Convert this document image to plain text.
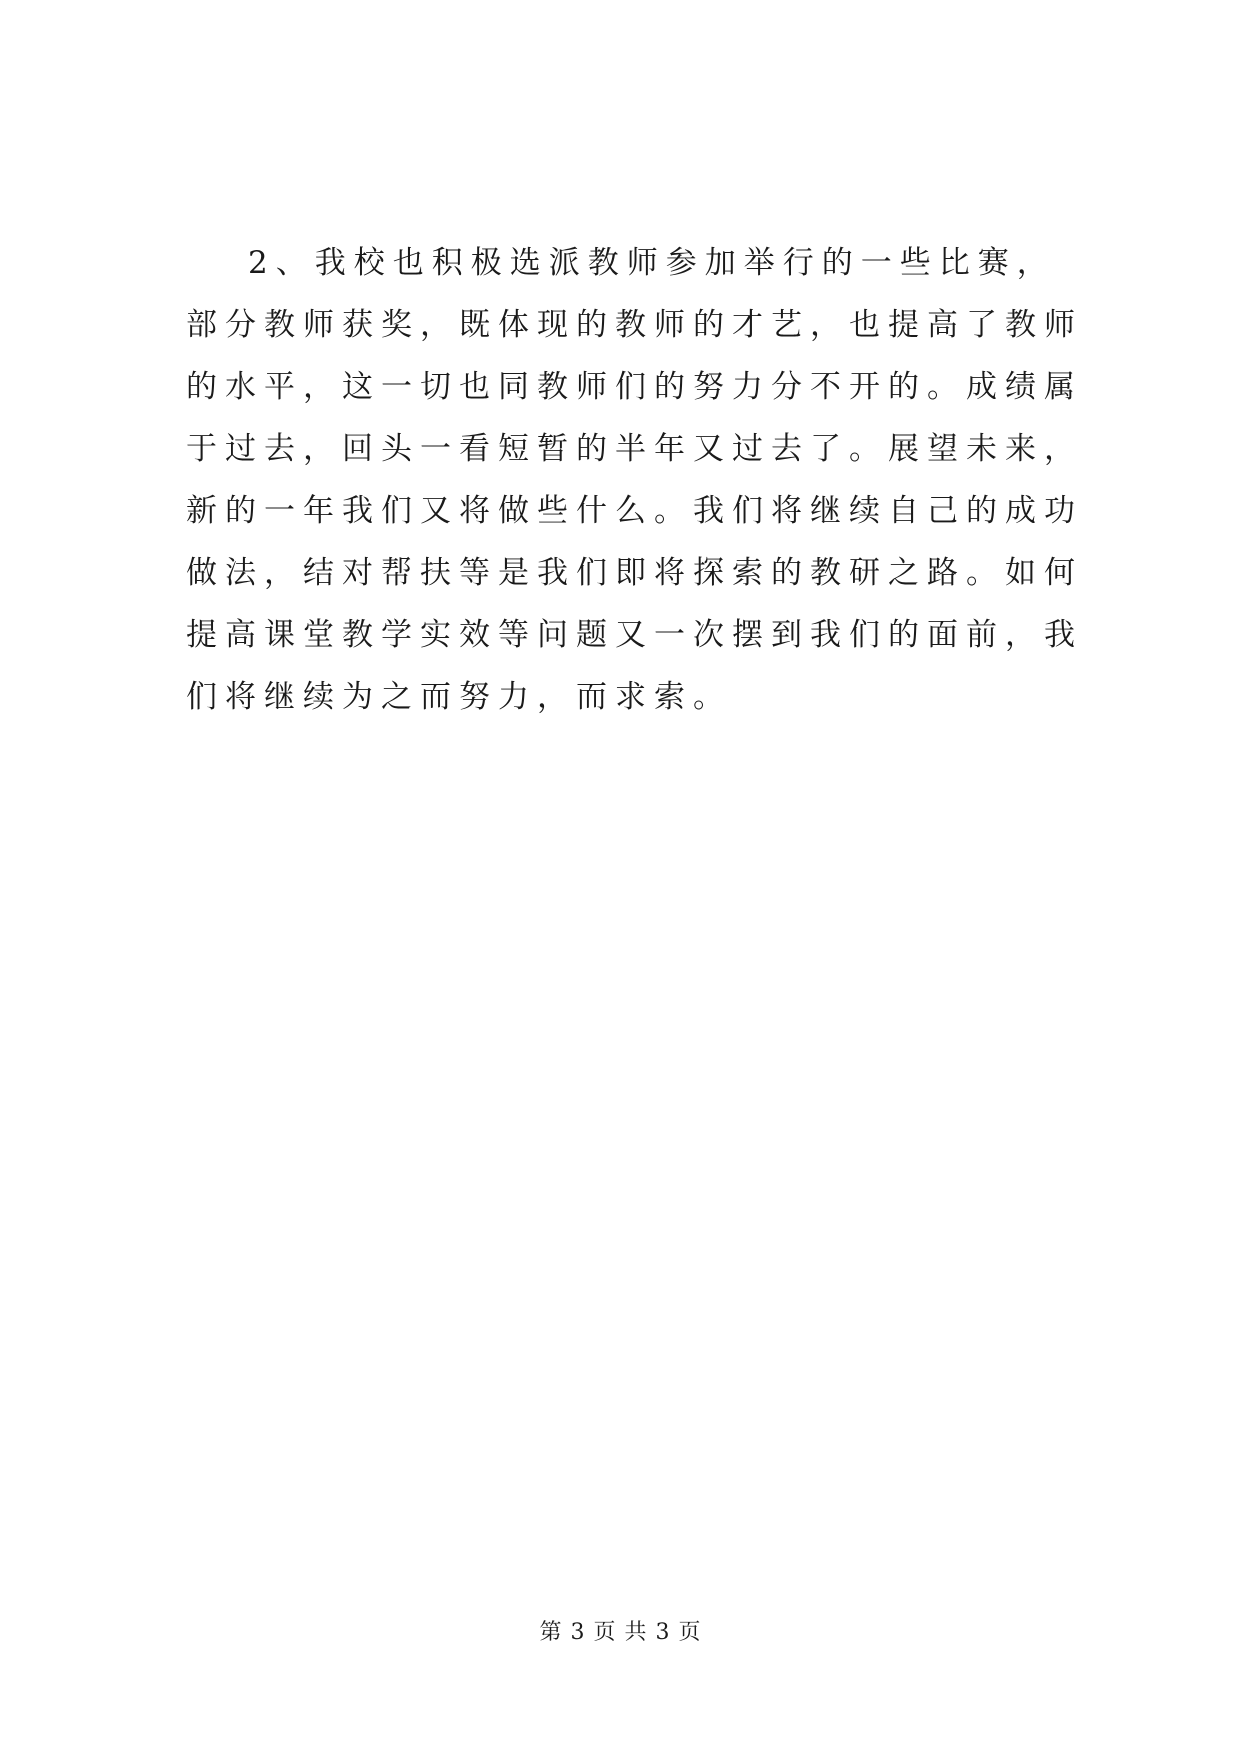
2、我校也积极选派教师参加举行的一些比赛，部分教师获奖，既体现的教师的才艺，也提高了教师的水平，这一切也同教师们的努力分不开的。成绩属于过去，回头一看短暂的半年又过去了。展望未来，新的一年我们又将做些什么。我们将继续自己的成功做法，结对帮扶等是我们即将探索的教研之路。如何提高课堂教学实效等问题又一次摆到我们的面前，我们将继续为之而努力，而求索。

第 3 页 共 3 页
